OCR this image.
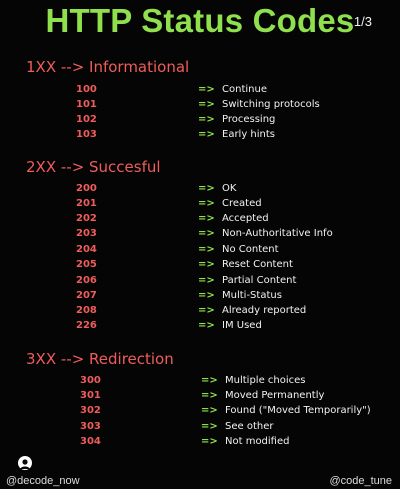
HTTP Status Codes 1/3
1XX --> Informational
100	=> Continue
101	=> Switching protocols
102	=> Processing
103	=> Early hints
2XX --> Succesful
200	=> OK
201	=> Created
202	=> Accepted
203	=> Non-Authoritative Info
204	=> No Content
205	=> Reset Content
206	=> Partial Content
207	=> Multi-Status
208	=> Already reported
226	=> IM Used
3XX --> Redirection
300	=> Multiple choices
301	=> Moved Permanently
302	=> Found ("Moved Temporarily")
303	=> See other
304	=> Not modified
@decode_now	@code_tune
